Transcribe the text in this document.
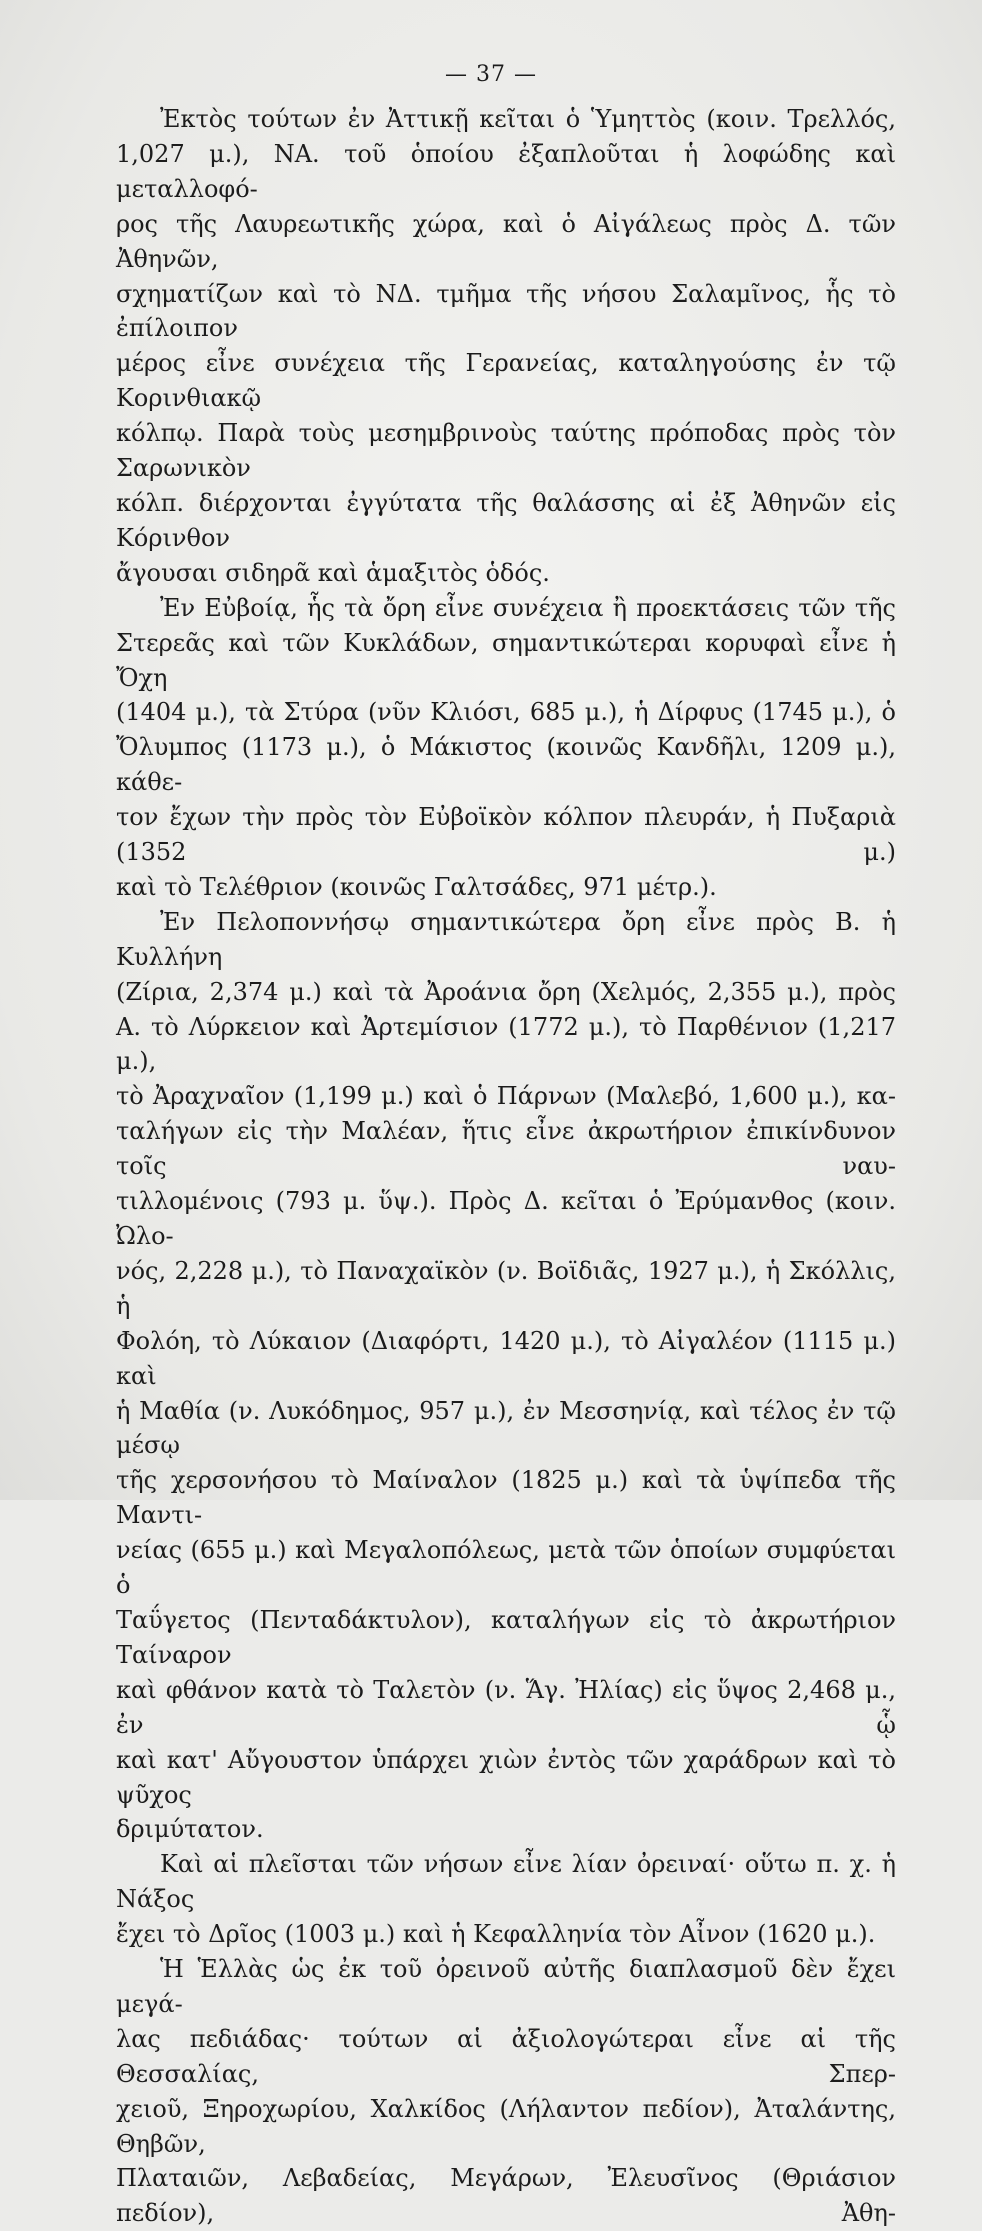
— 37 —

Ἐκτὸς τούτων ἐν Ἀττικῇ κεῖται ὁ Ὑμηττὸς (κοιν. Τρελλός,

1,027 μ.), ΝΑ. τοῦ ὁποίου ἐξαπλοῦται ἡ λοφώδης καὶ μεταλλοφό-

ρος τῆς Λαυρεωτικῆς χώρα, καὶ ὁ Αἰγάλεως πρὸς Δ. τῶν Ἀθηνῶν,

σχηματίζων καὶ τὸ ΝΔ. τμῆμα τῆς νήσου Σαλαμῖνος, ἧς τὸ ἐπίλοιπον

μέρος εἶνε συνέχεια τῆς Γερανείας, καταληγούσης ἐν τῷ Κορινθιακῷ

κόλπῳ. Παρὰ τοὺς μεσημβρινοὺς ταύτης πρόποδας πρὸς τὸν Σαρωνικὸν

κόλπ. διέρχονται ἐγγύτατα τῆς θαλάσσης αἱ ἐξ Ἀθηνῶν εἰς Κόρινθον

ἄγουσαι σιδηρᾶ καὶ ἁμαξιτὸς ὁδός.

Ἐν Εὐβοίᾳ, ἧς τὰ ὄρη εἶνε συνέχεια ἢ προεκτάσεις τῶν τῆς

Στερεᾶς καὶ τῶν Κυκλάδων, σημαντικώτεραι κορυφαὶ εἶνε ἡ Ὄχη

(1404 μ.), τὰ Στύρα (νῦν Κλιόσι, 685 μ.), ἡ Δίρφυς (1745 μ.), ὁ

Ὄλυμπος (1173 μ.), ὁ Μάκιστος (κοινῶς Κανδῆλι, 1209 μ.), κάθε-

τον ἔχων τὴν πρὸς τὸν Εὐβοϊκὸν κόλπον πλευράν, ἡ Πυξαριὰ (1352 μ.)

καὶ τὸ Τελέθριον (κοινῶς Γαλτσάδες, 971 μέτρ.).

Ἐν Πελοποννήσῳ σημαντικώτερα ὄρη εἶνε πρὸς Β. ἡ Κυλλήνη

(Ζίρια, 2,374 μ.) καὶ τὰ Ἀροάνια ὄρη (Χελμός, 2,355 μ.), πρὸς

Α. τὸ Λύρκειον καὶ Ἀρτεμίσιον (1772 μ.), τὸ Παρθένιον (1,217 μ.),

τὸ Ἀραχναῖον (1,199 μ.) καὶ ὁ Πάρνων (Μαλεβό, 1,600 μ.), κα-

ταλήγων εἰς τὴν Μαλέαν, ἥτις εἶνε ἀκρωτήριον ἐπικίνδυνον τοῖς ναυ-

τιλλομένοις (793 μ. ὕψ.). Πρὸς Δ. κεῖται ὁ Ἐρύμανθος (κοιν. Ὠλο-

νός, 2,228 μ.), τὸ Παναχαϊκὸν (ν. Βοϊδιᾶς, 1927 μ.), ἡ Σκόλλις, ἡ

Φολόη, τὸ Λύκαιον (Διαφόρτι, 1420 μ.), τὸ Αἰγαλέον (1115 μ.) καὶ

ἡ Μαθία (ν. Λυκόδημος, 957 μ.), ἐν Μεσσηνίᾳ, καὶ τέλος ἐν τῷ μέσῳ

τῆς χερσονήσου τὸ Μαίναλον (1825 μ.) καὶ τὰ ὑψίπεδα τῆς Μαντι-

νείας (655 μ.) καὶ Μεγαλοπόλεως, μετὰ τῶν ὁποίων συμφύεται ὁ

Ταΰγετος (Πενταδάκτυλον), καταλήγων εἰς τὸ ἀκρωτήριον Ταίναρον

καὶ φθάνον κατὰ τὸ Ταλετὸν (ν. Ἅγ. Ἠλίας) εἰς ὕψος 2,468 μ., ἐν ᾧ

καὶ κατ' Αὔγουστον ὑπάρχει χιὼν ἐντὸς τῶν χαράδρων καὶ τὸ ψῦχος

δριμύτατον.

Καὶ αἱ πλεῖσται τῶν νήσων εἶνε λίαν ὀρειναί· οὕτω π. χ. ἡ Νάξος

ἔχει τὸ Δρῖος (1003 μ.) καὶ ἡ Κεφαλληνία τὸν Αἶνον (1620 μ.).

Ἡ Ἑλλὰς ὡς ἐκ τοῦ ὀρεινοῦ αὐτῆς διαπλασμοῦ δὲν ἔχει μεγά-

λας πεδιάδας· τούτων αἱ ἀξιολογώτεραι εἶνε αἱ τῆς Θεσσαλίας, Σπερ-

χειοῦ, Ξηροχωρίου, Χαλκίδος (Λήλαντον πεδίον), Ἀταλάντης, Θηβῶν,

Πλαταιῶν, Λεβαδείας, Μεγάρων, Ἐλευσῖνος (Θριάσιον πεδίον), Ἀθη-
